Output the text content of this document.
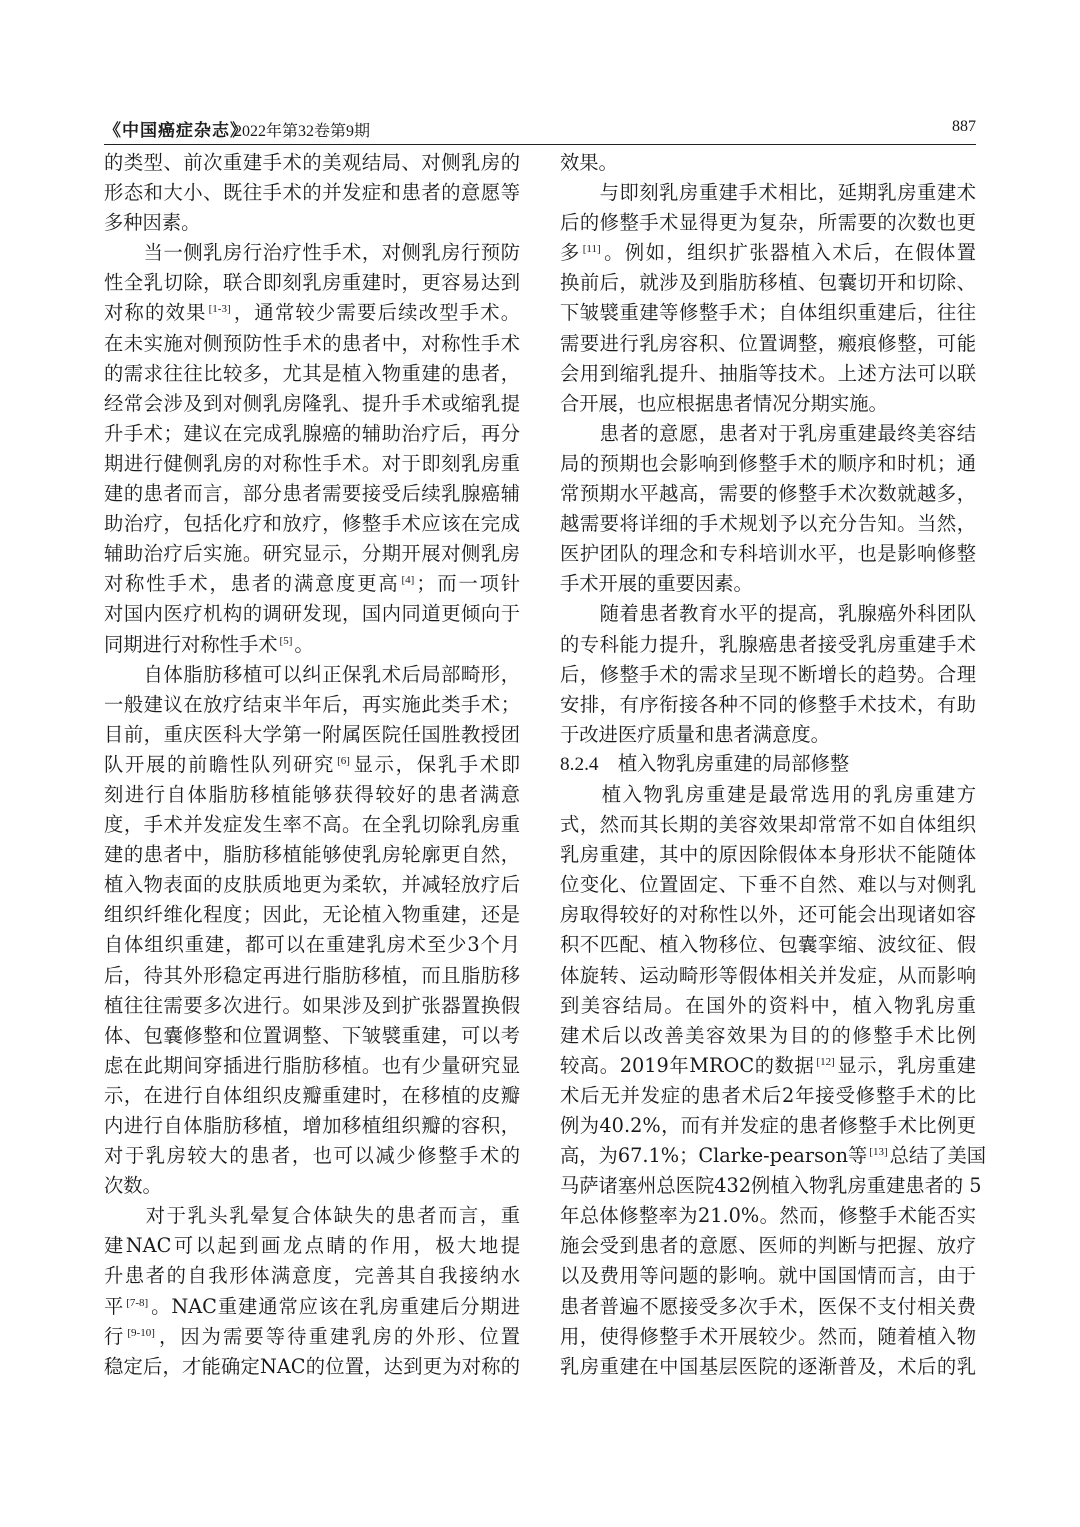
《中国癌症杂志》
2022年第32卷第9期	887
的类型、前次重建手术的美观结局、对侧乳房的
形态和大小、既往手术的并发症和患者的意愿等
多种因素。
　　当一侧乳房行治疗性手术，对侧乳房行预防
性全乳切除，联合即刻乳房重建时，更容易达到
对称的效果 [1-3] ，通常较少需要后续改型手术。
在未实施对侧预防性手术的患者中，对称性手术
的需求往往比较多，尤其是植入物重建的患者，
经常会涉及到对侧乳房隆乳、提升手术或缩乳提
升手术；建议在完成乳腺癌的辅助治疗后，再分
期进行健侧乳房的对称性手术。对于即刻乳房重
建的患者而言，部分患者需要接受后续乳腺癌辅
助治疗，包括化疗和放疗，修整手术应该在完成
辅助治疗后实施。研究显示，分期开展对侧乳房
对称性手术，患者的满意度更高 [4] ；而一项针
对国内医疗机构的调研发现，国内同道更倾向于
同期进行对称性手术 [5] 。
　　自体脂肪移植可以纠正保乳术后局部畸形，
一般建议在放疗结束半年后，再实施此类手术；
目前，重庆医科大学第一附属医院任国胜教授团
队开展的前瞻性队列研究 [6] 显示，保乳手术即
刻进行自体脂肪移植能够获得较好的患者满意
度，手术并发症发生率不高。在全乳切除乳房重
建的患者中，脂肪移植能够使乳房轮廓更自然，
植入物表面的皮肤质地更为柔软，并减轻放疗后
组织纤维化程度；因此，无论植入物重建，还是
自体组织重建，都可以在重建乳房术至少3个月
后，待其外形稳定再进行脂肪移植，而且脂肪移
植往往需要多次进行。如果涉及到扩张器置换假
体、包囊修整和位置调整、下皱襞重建，可以考
虑在此期间穿插进行脂肪移植。也有少量研究显
示，在进行自体组织皮瓣重建时，在移植的皮瓣
内进行自体脂肪移植，增加移植组织瓣的容积，
对于乳房较大的患者，也可以减少修整手术的
次数。
　　对于乳头乳晕复合体缺失的患者而言，重
建NAC可以起到画龙点睛的作用，极大地提
升患者的自我形体满意度，完善其自我接纳水
平 [7-8] 。NAC重建通常应该在乳房重建后分期进
行 [9-10] ，因为需要等待重建乳房的外形、位置
稳定后，才能确定NAC的位置，达到更为对称的
效果。
　　与即刻乳房重建手术相比，延期乳房重建术
后的修整手术显得更为复杂，所需要的次数也更
多 [11] 。例如，组织扩张器植入术后，在假体置
换前后，就涉及到脂肪移植、包囊切开和切除、
下皱襞重建等修整手术；自体组织重建后，往往
需要进行乳房容积、位置调整，瘢痕修整，可能
会用到缩乳提升、抽脂等技术。上述方法可以联
合开展，也应根据患者情况分期实施。
　　患者的意愿，患者对于乳房重建最终美容结
局的预期也会影响到修整手术的顺序和时机；通
常预期水平越高，需要的修整手术次数就越多，
越需要将详细的手术规划予以充分告知。当然，
医护团队的理念和专科培训水平，也是影响修整
手术开展的重要因素。
　　随着患者教育水平的提高，乳腺癌外科团队
的专科能力提升，乳腺癌患者接受乳房重建手术
后，修整手术的需求呈现不断增长的趋势。合理
安排，有序衔接各种不同的修整手术技术，有助
于改进医疗质量和患者满意度。
8.2.4　植入物乳房重建的局部修整
　　植入物乳房重建是最常选用的乳房重建方
式，然而其长期的美容效果却常常不如自体组织
乳房重建，其中的原因除假体本身形状不能随体
位变化、位置固定、下垂不自然、难以与对侧乳
房取得较好的对称性以外，还可能会出现诸如容
积不匹配、植入物移位、包囊挛缩、波纹征、假
体旋转、运动畸形等假体相关并发症，从而影响
到美容结局。在国外的资料中，植入物乳房重
建术后以改善美容效果为目的的修整手术比例
较高。2019年MROC的数据 [12] 显示，乳房重建
术后无并发症的患者术后2年接受修整手术的比
例为40.2%，而有并发症的患者修整手术比例更
高，为67.1%；Clarke-pearson等 [13] 总结了美国
马萨诸塞州总医院432例植入物乳房重建患者的 5
年总体修整率为21.0%。然而，修整手术能否实
施会受到患者的意愿、医师的判断与把握、放疗
以及费用等问题的影响。就中国国情而言，由于
患者普遍不愿接受多次手术，医保不支付相关费
用，使得修整手术开展较少。然而，随着植入物
乳房重建在中国基层医院的逐渐普及，术后的乳
